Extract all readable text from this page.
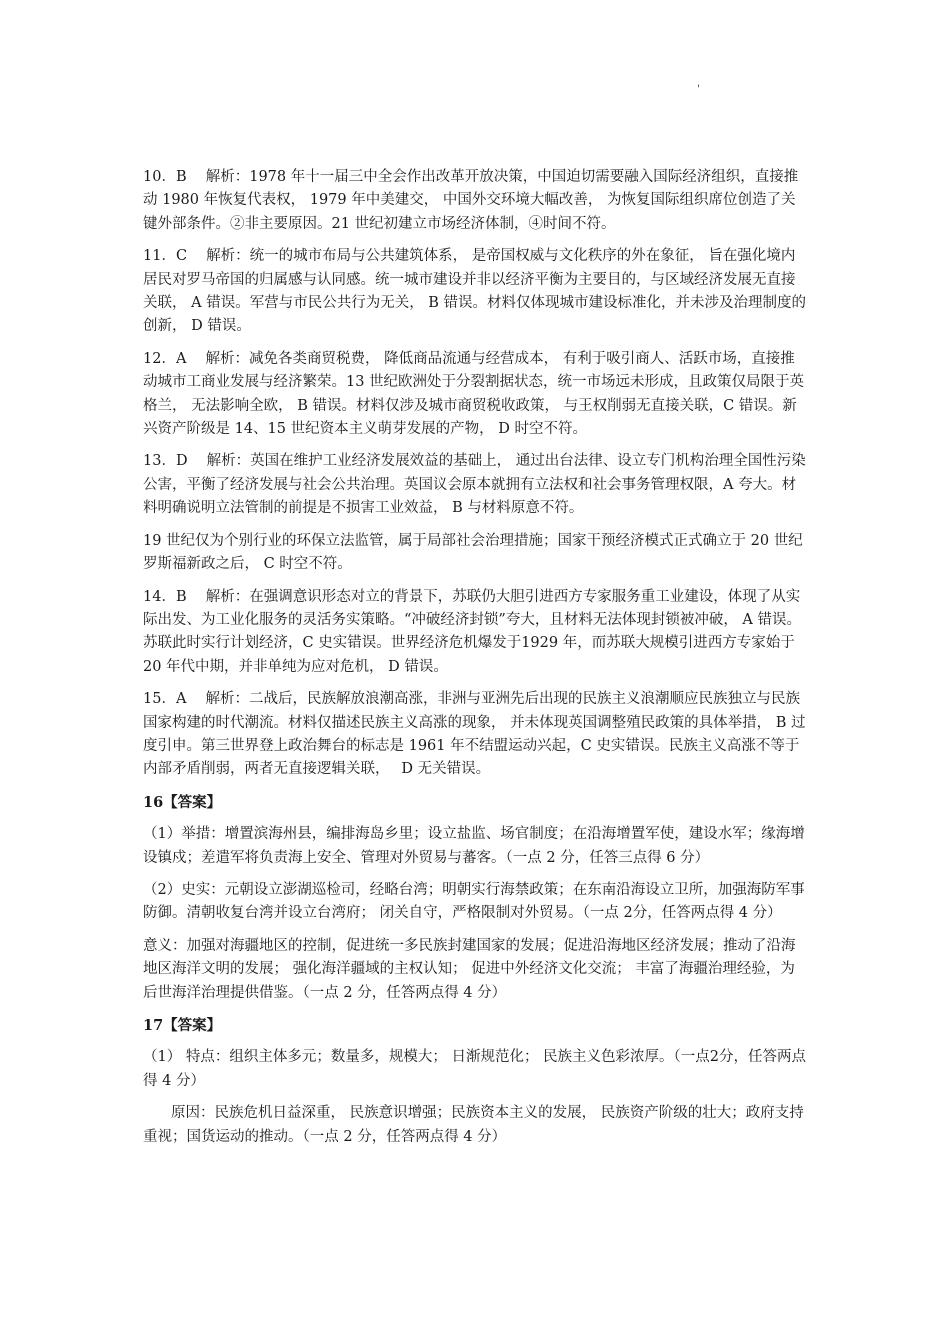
'

10．B　 解析：1978 年十一届三中全会作出改革开放决策，中国迫切需要融入国际经济组织，直接推动 1980 年恢复代表权， 1979 年中美建交， 中国外交环境大幅改善， 为恢复国际组织席位创造了关键外部条件。②非主要原因。21 世纪初建立市场经济体制，④时间不符。

11．C　 解析：统一的城市布局与公共建筑体系， 是帝国权威与文化秩序的外在象征， 旨在强化境内居民对罗马帝国的归属感与认同感。统一城市建设并非以经济平衡为主要目的，与区域经济发展无直接关联， A 错误。军营与市民公共行为无关， B 错误。材料仅体现城市建设标准化，并未涉及治理制度的创新， D 错误。

12．A　 解析：减免各类商贸税费， 降低商品流通与经营成本， 有利于吸引商人、活跃市场，直接推动城市工商业发展与经济繁荣。13 世纪欧洲处于分裂割据状态，统一市场远未形成，且政策仅局限于英格兰， 无法影响全欧， B 错误。材料仅涉及城市商贸税收政策， 与王权削弱无直接关联，C 错误。新兴资产阶级是 14、15 世纪资本主义萌芽发展的产物， D 时空不符。

13．D　 解析：英国在维护工业经济发展效益的基础上， 通过出台法律、设立专门机构治理全国性污染公害，平衡了经济发展与社会公共治理。英国议会原本就拥有立法权和社会事务管理权限，A 夸大。材料明确说明立法管制的前提是不损害工业效益， B 与材料原意不符。

19 世纪仅为个别行业的环保立法监管，属于局部社会治理措施；国家干预经济模式正式确立于 20 世纪罗斯福新政之后， C 时空不符。

14．B　 解析：在强调意识形态对立的背景下，苏联仍大胆引进西方专家服务重工业建设，体现了从实际出发、为工业化服务的灵活务实策略。“冲破经济封锁”夸大，且材料无法体现封锁被冲破， A 错误。苏联此时实行计划经济，C 史实错误。世界经济危机爆发于1929 年，而苏联大规模引进西方专家始于 20 年代中期，并非单纯为应对危机， D 错误。

15．A　 解析：二战后，民族解放浪潮高涨，非洲与亚洲先后出现的民族主义浪潮顺应民族独立与民族国家构建的时代潮流。材料仅描述民族主义高涨的现象， 并未体现英国调整殖民政策的具体举措， B 过度引申。第三世界登上政治舞台的标志是 1961 年不结盟运动兴起，C 史实错误。民族主义高涨不等于内部矛盾削弱，两者无直接逻辑关联，　 D 无关错误。

16【答案】

（1）举措：增置滨海州县，编排海岛乡里；设立盐监、场官制度；在沿海增置军使，建设水军；缘海增设镇戍；差遣军将负责海上安全、管理对外贸易与蕃客。（一点 2 分，任答三点得 6 分）

（2）史实：元朝设立澎湖巡检司，经略台湾；明朝实行海禁政策；在东南沿海设立卫所，加强海防军事防御。清朝收复台湾并设立台湾府； 闭关自守，严格限制对外贸易。（一点 2分，任答两点得 4 分）

意义：加强对海疆地区的控制，促进统一多民族封建国家的发展；促进沿海地区经济发展；推动了沿海地区海洋文明的发展； 强化海洋疆域的主权认知； 促进中外经济文化交流； 丰富了海疆治理经验，为后世海洋治理提供借鉴。（一点 2 分，任答两点得 4 分）

17【答案】

（1） 特点：组织主体多元；数量多，规模大； 日渐规范化； 民族主义色彩浓厚。（一点2分，任答两点得 4 分）

原因：民族危机日益深重， 民族意识增强；民族资本主义的发展， 民族资产阶级的壮大；政府支持重视；国货运动的推动。（一点 2 分，任答两点得 4 分）
